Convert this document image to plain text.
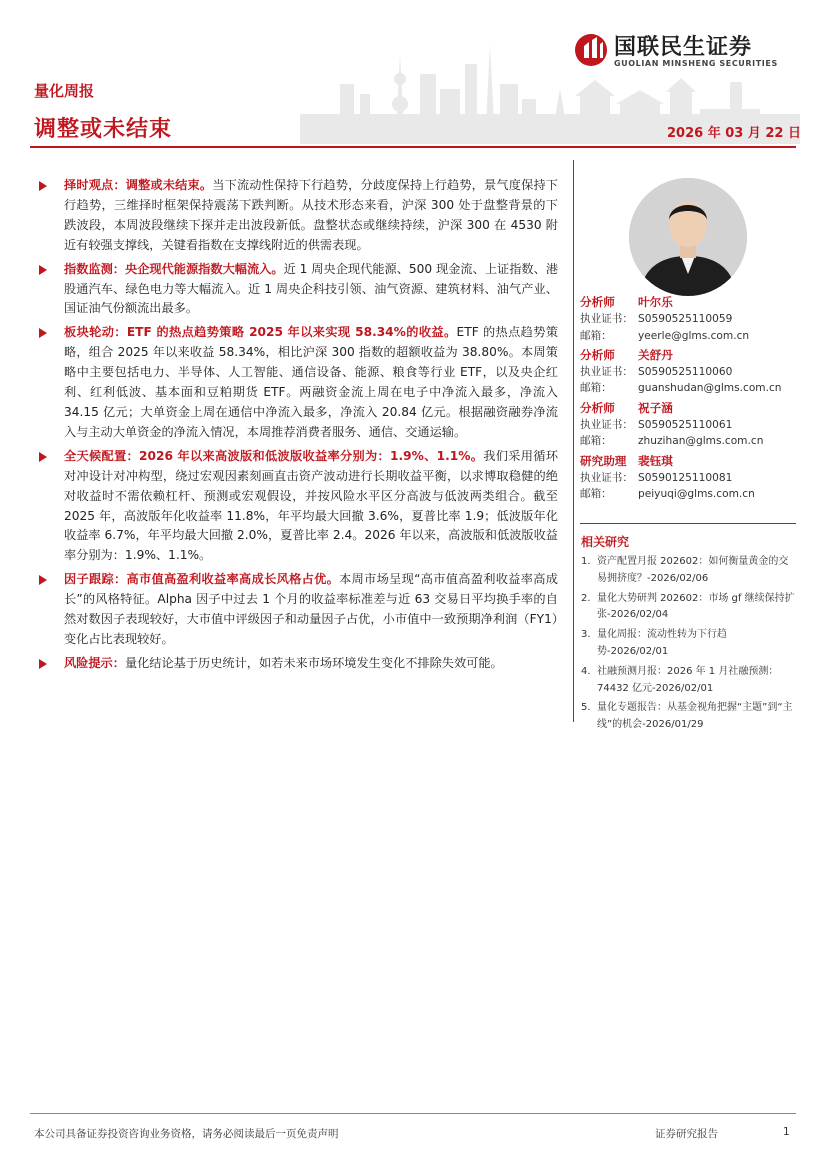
国联民生证券
GUOLIAN MINSHENG SECURITIES
量化周报
调整或未结束	2026 年 03 月 22 日
择时观点：调整或未结束。当下流动性保持下行趋势，分歧度保持上行趋势，景气度保持下行趋势，三维择时框架保持震荡下跌判断。从技术形态来看，沪深 300 处于盘整背景的下跌波段，本周波段继续下探并走出波段新低。盘整状态或继续持续，沪深 300 在 4530 附近有较强支撑线，关键看指数在支撑线附近的供需表现。
指数监测：央企现代能源指数大幅流入。近 1 周央企现代能源、500 现金流、上证指数、港股通汽车、绿色电力等大幅流入。近 1 周央企科技引领、油气资源、建筑材料、油气产业、国证油气份额流出最多。
板块轮动：ETF 的热点趋势策略 2025 年以来实现 58.34%的收益。ETF 的热点趋势策略，组合 2025 年以来收益 58.34%，相比沪深 300 指数的超额收益为 38.80%。本周策略中主要包括电力、半导体、人工智能、通信设备、能源、粮食等行业 ETF，以及央企红利、红利低波、基本面和豆粕期货 ETF。两融资金流上周在电子中净流入最多，净流入 34.15 亿元；大单资金上周在通信中净流入最多，净流入 20.84 亿元。根据融资融券净流入与主动大单资金的净流入情况，本周推荐消费者服务、通信、交通运输。
全天候配置：2026 年以来高波版和低波版收益率分别为：1.9%、1.1%。我们采用循环对冲设计对冲构型，绕过宏观因素刻画直击资产波动进行长期收益平衡，以求博取稳健的绝对收益时不需依赖杠杆、预测或宏观假设，并按风险水平区分高波与低波两类组合。截至 2025 年，高波版年化收益率 11.8%，年平均最大回撤 3.6%，夏普比率 1.9；低波版年化收益率 6.7%，年平均最大回撤 2.0%，夏普比率 2.4。2026 年以来，高波版和低波版收益率分别为：1.9%、1.1%。
因子跟踪：高市值高盈利收益率高成长风格占优。本周市场呈现“高市值高盈利收益率高成长”的风格特征。Alpha 因子中过去 1 个月的收益率标准差与近 63 交易日平均换手率的自然对数因子表现较好，大市值中评级因子和动量因子占优，小市值中一致预期净利润（FY1）变化占比表现较好。
风险提示：量化结论基于历史统计，如若未来市场环境发生变化不排除失效可能。
分析师 叶尔乐
执业证书： S0590525110059
邮箱： yeerle@glms.com.cn
分析师 关舒丹
执业证书： S0590525110060
邮箱： guanshudan@glms.com.cn
分析师 祝子涵
执业证书： S0590525110061
邮箱： zhuzihan@glms.com.cn
研究助理 裴钰琪
执业证书： S0590125110081
邮箱： peiyuqi@glms.com.cn
相关研究
1. 资产配置月报 202602：如何衡量黄金的交易拥挤度？-2026/02/06
2. 量化大势研判 202602：市场 gf 继续保持扩张-2026/02/04
3. 量化周报：流动性转为下行趋势-2026/02/01
4. 社融预测月报：2026 年 1 月社融预测：74432 亿元-2026/02/01
5. 量化专题报告：从基金视角把握“主题”到“主线”的机会-2026/01/29
本公司具备证券投资咨询业务资格，请务必阅读最后一页免责声明	证券研究报告	1
